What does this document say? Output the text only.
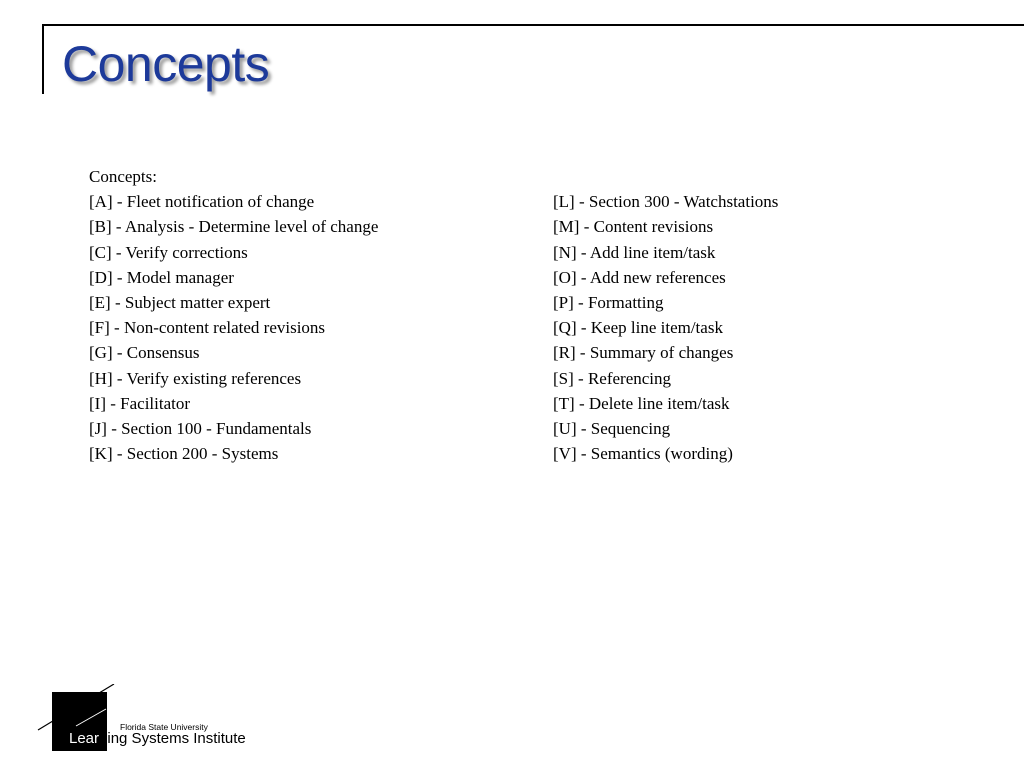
Concepts

Concepts:

[A] - Fleet notification of change
[B] - Analysis - Determine level of change
[C] - Verify corrections
[D] - Model manager
[E] - Subject matter expert
[F] - Non-content related revisions
[G] - Consensus
[H] - Verify existing references
[I] - Facilitator
[J] - Section 100 - Fundamentals
[K] - Section 200 - Systems
[L] - Section 300 - Watchstations
[M] - Content revisions
[N] - Add line item/task
[O] - Add new references
[P] - Formatting
[Q] - Keep line item/task
[R] - Summary of changes
[S] - Referencing
[T] - Delete line item/task
[U] - Sequencing
[V] - Semantics (wording)
Florida State University
Learning Systems Institute
